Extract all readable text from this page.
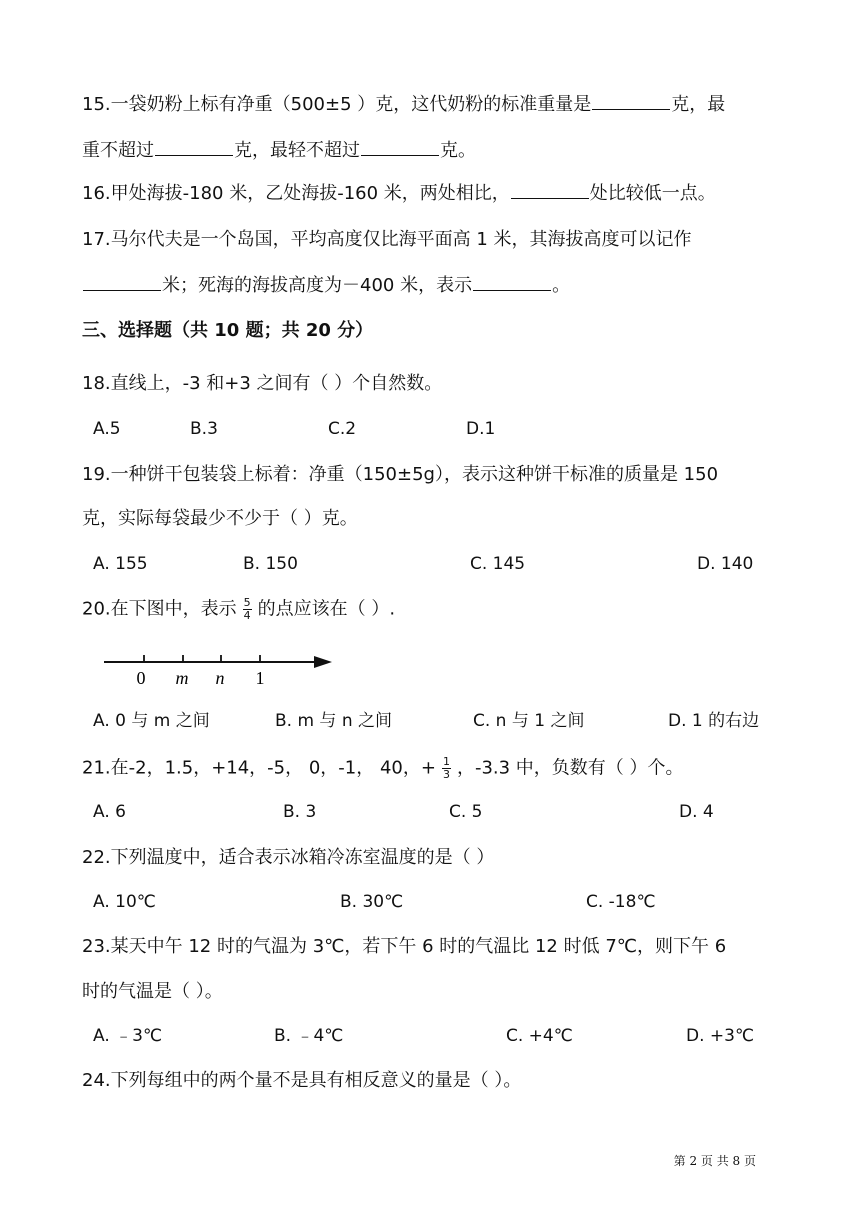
15.一袋奶粉上标有净重（500±5 ）克，这代奶粉的标准重量是	克，最
重不超过	克，最轻不超过	克。
16.甲处海拔-180 米，乙处海拔-160 米，两处相比，	处比较低一点。
17.马尔代夫是一个岛国，平均高度仅比海平面高 1 米，其海拔高度可以记作
米；死海的海拔高度为－400 米，表示	。
三、选择题（共 10 题；共 20 分）
18.直线上，-3 和+3 之间有（ ）个自然数。
A.5	B.3	C.2	D.1
19.一种饼干包装袋上标着：净重（150±5g），表示这种饼干标准的质量是 150
克，实际每袋最少不少于（ ）克。
A. 155	B. 150	C. 145	D. 140
20.在下图中，表示 $\frac{5}{4}$ 的点应该在（ ）.
0 m n 1
A. 0 与 m 之间	B. m 与 n 之间	C. n 与 1 之间	D. 1 的右边
21.在-2，1.5，+14，-5， 0，-1， 40，+ $\frac{1}{3}$ ，-3.3 中，负数有（ ）个。
A. 6	B. 3	C. 5	D. 4
22.下列温度中，适合表示冰箱冷冻室温度的是（ ）
A. 10℃	B. 30℃	C. -18℃
23.某天中午 12 时的气温为 3℃，若下午 6 时的气温比 12 时低 7℃，则下午 6
时的气温是（ ）。
A. ﹣3℃	B. ﹣4℃	C. +4℃	D. +3℃
24.下列每组中的两个量不是具有相反意义的量是（ ）。
第 2 页 共 8 页
